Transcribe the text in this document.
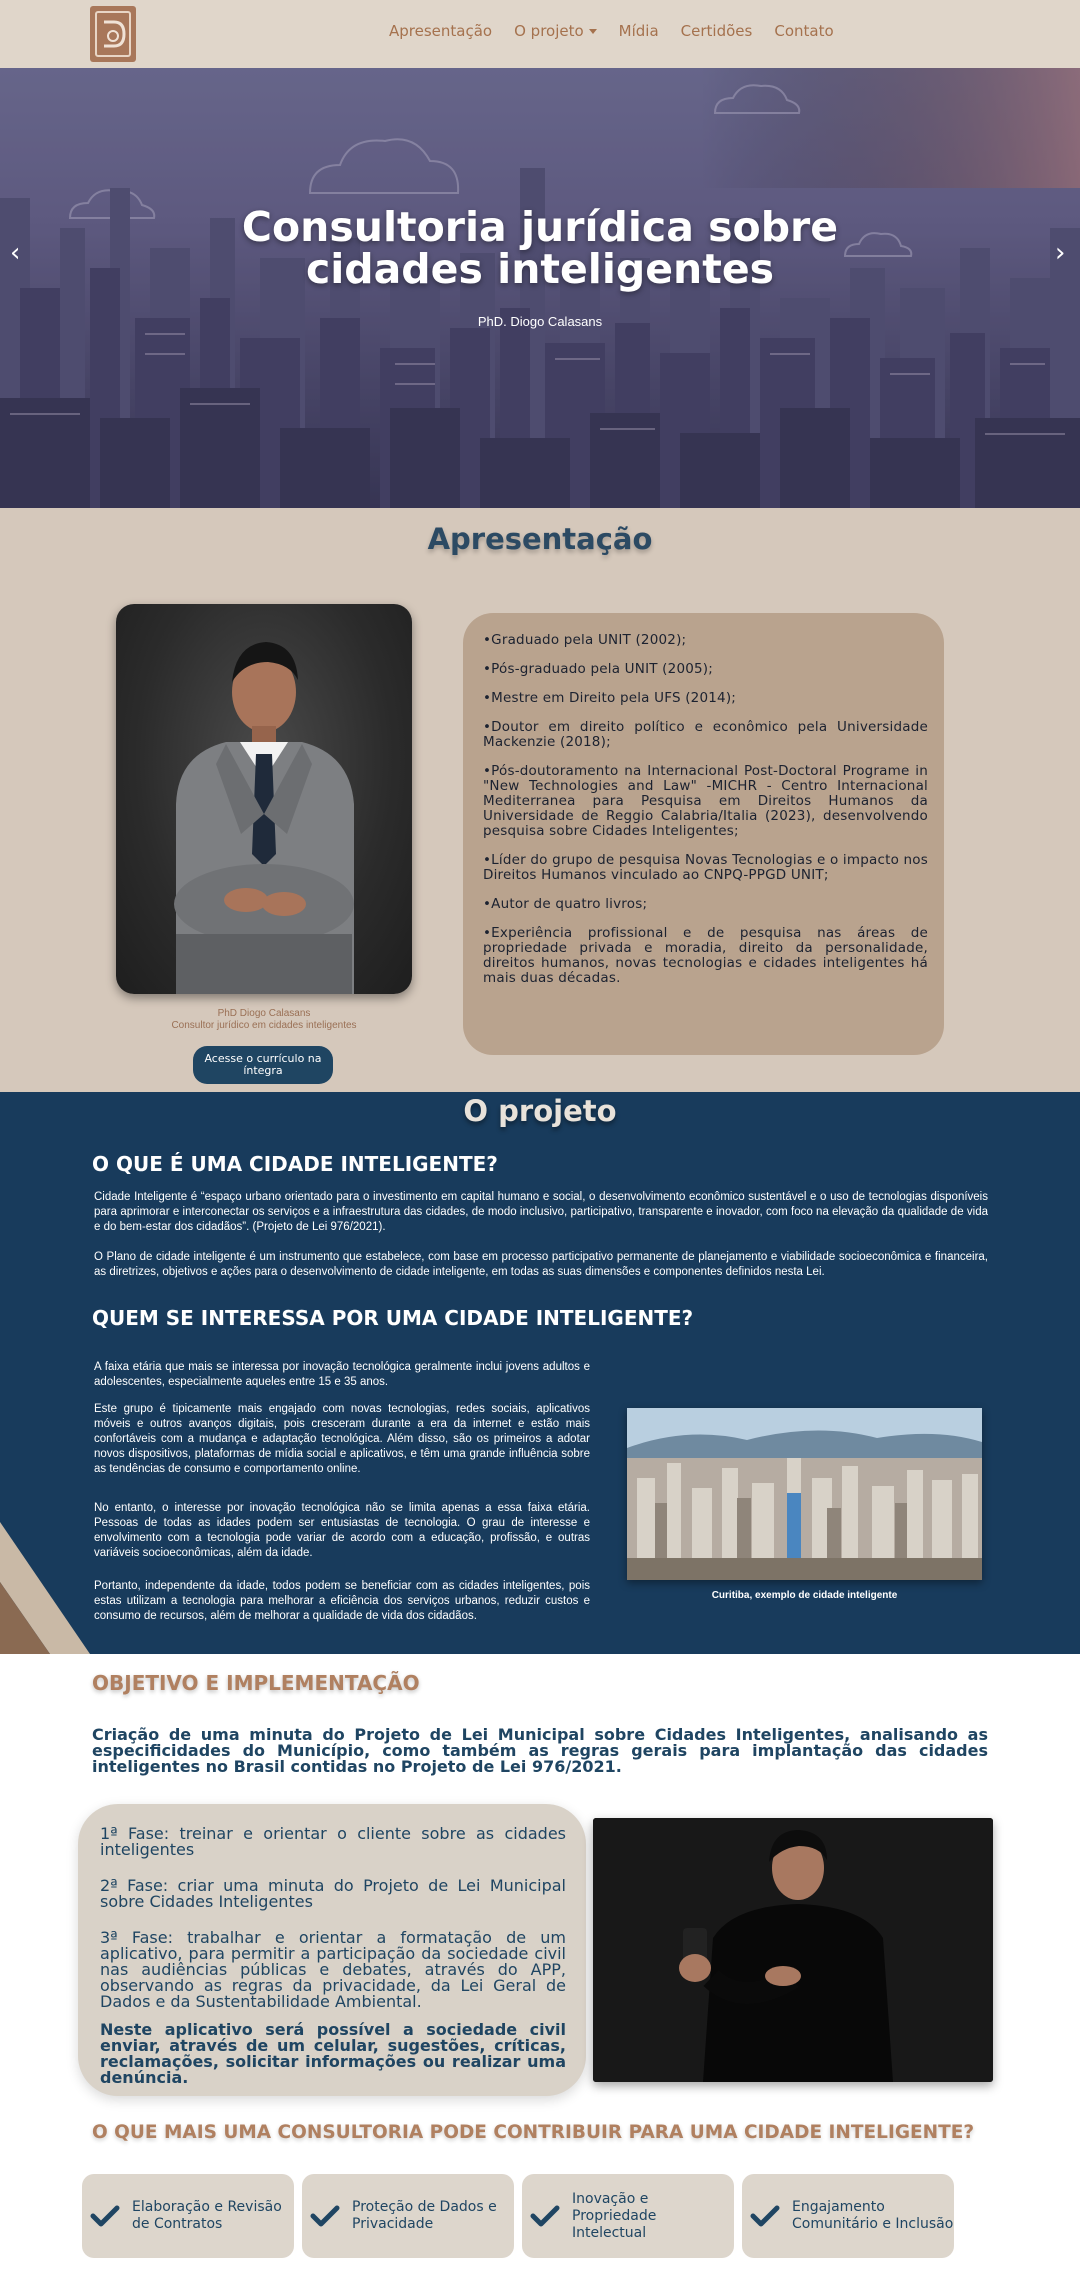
Apresentação O projeto	Mídia Certidões Contato
Consultoria jurídica sobre cidades inteligentes
PhD. Diogo Calasans
‹	›
Apresentação
PhD Diogo Calasans
Consultor jurídico em cidades inteligentes
Acesse o currículo na íntegra
•Graduado pela UNIT (2002);
•Pós-graduado pela UNIT (2005);
•Mestre em Direito pela UFS (2014);
•Doutor em direito político e econômico pela Universidade Mackenzie (2018);
•Pós-doutoramento na Internacional Post-Doctoral Programe in "New Technologies and Law" -MICHR - Centro Internacional Mediterranea para Pesquisa em Direitos Humanos da Universidade de Reggio Calabria/Italia (2023), desenvolvendo pesquisa sobre Cidades Inteligentes;
•Líder do grupo de pesquisa Novas Tecnologias e o impacto nos Direitos Humanos vinculado ao CNPQ-PPGD UNIT;
•Autor de quatro livros;
•Experiência profissional e de pesquisa nas áreas de propriedade privada e moradia, direito da personalidade, direitos humanos, novas tecnologias e cidades inteligentes há mais duas décadas.
O projeto
O QUE É UMA CIDADE INTELIGENTE?
Cidade Inteligente é “espaço urbano orientado para o investimento em capital humano e social, o desenvolvimento econômico sustentável e o uso de tecnologias disponíveis para aprimorar e interconectar os serviços e a infraestrutura das cidades, de modo inclusivo, participativo, transparente e inovador, com foco na elevação da qualidade de vida e do bem-estar dos cidadãos”. (Projeto de Lei 976/2021).
O Plano de cidade inteligente é um instrumento que estabelece, com base em processo participativo permanente de planejamento e viabilidade socioeconômica e financeira, as diretrizes, objetivos e ações para o desenvolvimento de cidade inteligente, em todas as suas dimensões e componentes definidos nesta Lei.
QUEM SE INTERESSA POR UMA CIDADE INTELIGENTE?
A faixa etária que mais se interessa por inovação tecnológica geralmente inclui jovens adultos e adolescentes, especialmente aqueles entre 15 e 35 anos.
Este grupo é tipicamente mais engajado com novas tecnologias, redes sociais, aplicativos móveis e outros avanços digitais, pois cresceram durante a era da internet e estão mais confortáveis com a mudança e adaptação tecnológica. Além disso, são os primeiros a adotar novos dispositivos, plataformas de mídia social e aplicativos, e têm uma grande influência sobre as tendências de consumo e comportamento online.
No entanto, o interesse por inovação tecnológica não se limita apenas a essa faixa etária. Pessoas de todas as idades podem ser entusiastas de tecnologia. O grau de interesse e envolvimento com a tecnologia pode variar de acordo com a educação, profissão, e outras variáveis socioeconômicas, além da idade.
Portanto, independente da idade, todos podem se beneficiar com as cidades inteligentes, pois estas utilizam a tecnologia para melhorar a eficiência dos serviços urbanos, reduzir custos e consumo de recursos, além de melhorar a qualidade de vida dos cidadãos.
Curitiba, exemplo de cidade inteligente
OBJETIVO E IMPLEMENTAÇÃO
Criação de uma minuta do Projeto de Lei Municipal sobre Cidades Inteligentes, analisando as especificidades do Município, como também as regras gerais para implantação das cidades inteligentes no Brasil contidas no Projeto de Lei 976/2021.
1ª Fase: treinar e orientar o cliente sobre as cidades inteligentes
2ª Fase: criar uma minuta do Projeto de Lei Municipal sobre Cidades Inteligentes
3ª Fase: trabalhar e orientar a formatação de um aplicativo, para permitir a participação da sociedade civil nas audiências públicas e debates, através do APP, observando as regras da privacidade, da Lei Geral de Dados e da Sustentabilidade Ambiental.
Neste aplicativo será possível a sociedade civil enviar, através de um celular, sugestões, críticas, reclamações, solicitar informações ou realizar uma denúncia.
O QUE MAIS UMA CONSULTORIA PODE CONTRIBUIR PARA UMA CIDADE INTELIGENTE?
Elaboração e Revisão de Contratos
Proteção de Dados e Privacidade
Inovação e Propriedade Intelectual
Engajamento Comunitário e Inclusão
